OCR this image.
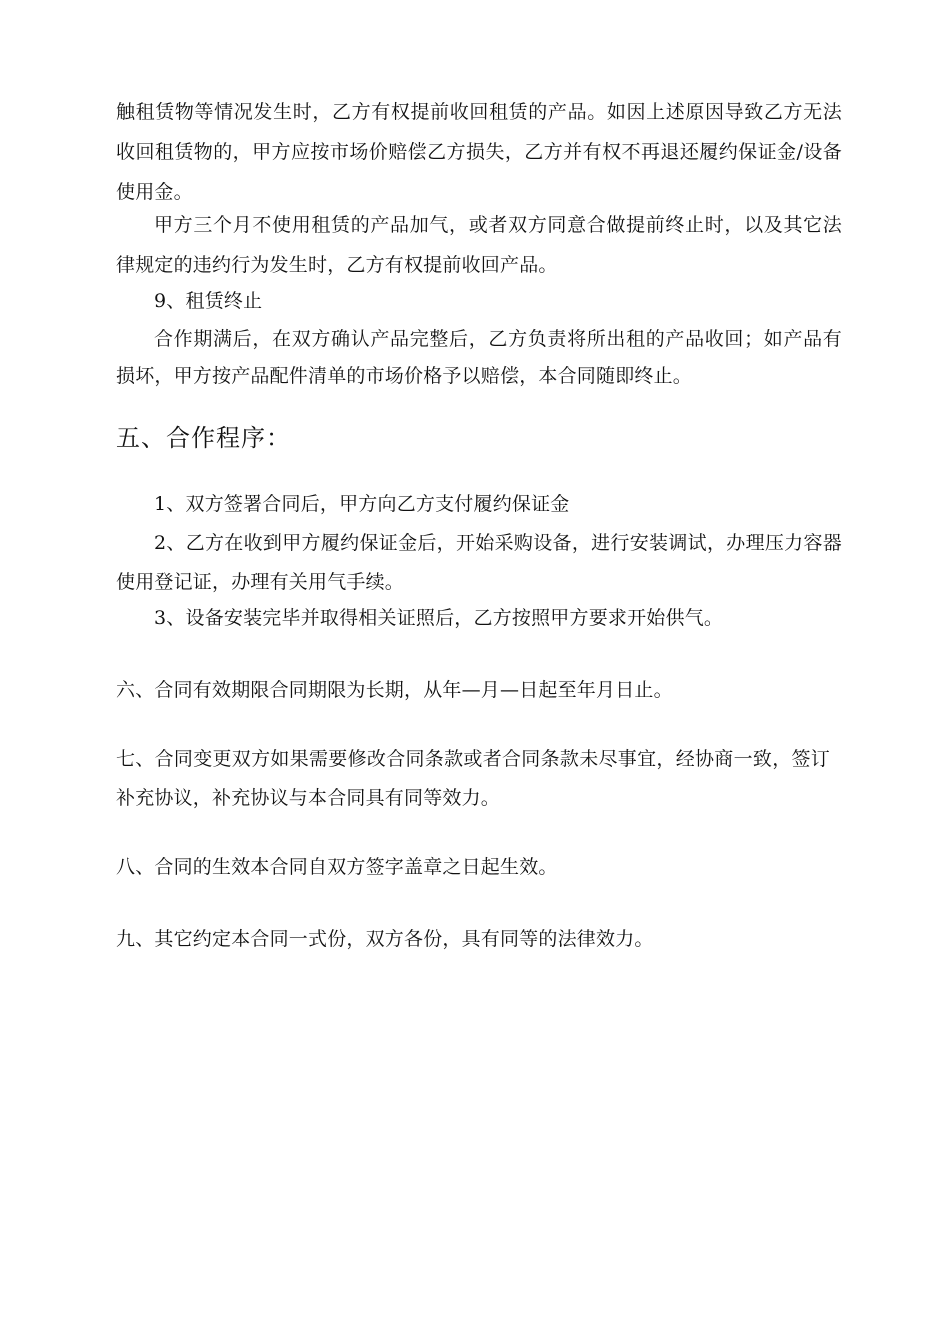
触租赁物等情况发生时，乙方有权提前收回租赁的产品。如因上述原因导致乙方无法
收回租赁物的，甲方应按市场价赔偿乙方损失，乙方并有权不再退还履约保证金/设备
使用金。
甲方三个月不使用租赁的产品加气，或者双方同意合做提前终止时，以及其它法
律规定的违约行为发生时，乙方有权提前收回产品。
9、租赁终止
合作期满后，在双方确认产品完整后，乙方负责将所出租的产品收回；如产品有
损坏，甲方按产品配件清单的市场价格予以赔偿，本合同随即终止。
五、合作程序：
1、双方签署合同后，甲方向乙方支付履约保证金
2、乙方在收到甲方履约保证金后，开始采购设备，进行安装调试，办理压力容器
使用登记证，办理有关用气手续。
3、设备安装完毕并取得相关证照后，乙方按照甲方要求开始供气。
六、合同有效期限合同期限为长期，从年—月—日起至年月日止。
七、合同变更双方如果需要修改合同条款或者合同条款未尽事宜，经协商一致，签订
补充协议，补充协议与本合同具有同等效力。
八、合同的生效本合同自双方签字盖章之日起生效。
九、其它约定本合同一式份，双方各份，具有同等的法律效力。
